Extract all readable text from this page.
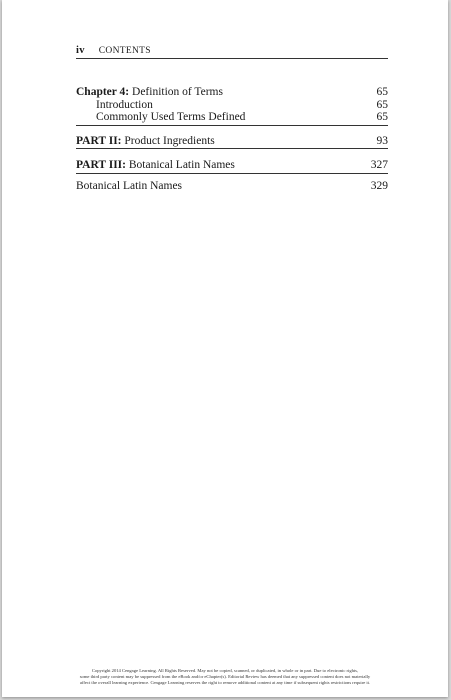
iv CONTENTS
Chapter 4: Definition of Terms	65
Introduction	65
Commonly Used Terms Defined	65
PART II: Product Ingredients	93
PART III: Botanical Latin Names	327
Botanical Latin Names	329
Copyright 2014 Cengage Learning. All Rights Reserved. May not be copied, scanned, or duplicated, in whole or in part. Due to electronic rights,
some third party content may be suppressed from the eBook and/or eChapter(s). Editorial Review has deemed that any suppressed content does not materially
affect the overall learning experience. Cengage Learning reserves the right to remove additional content at any time if subsequent rights restrictions require it.
